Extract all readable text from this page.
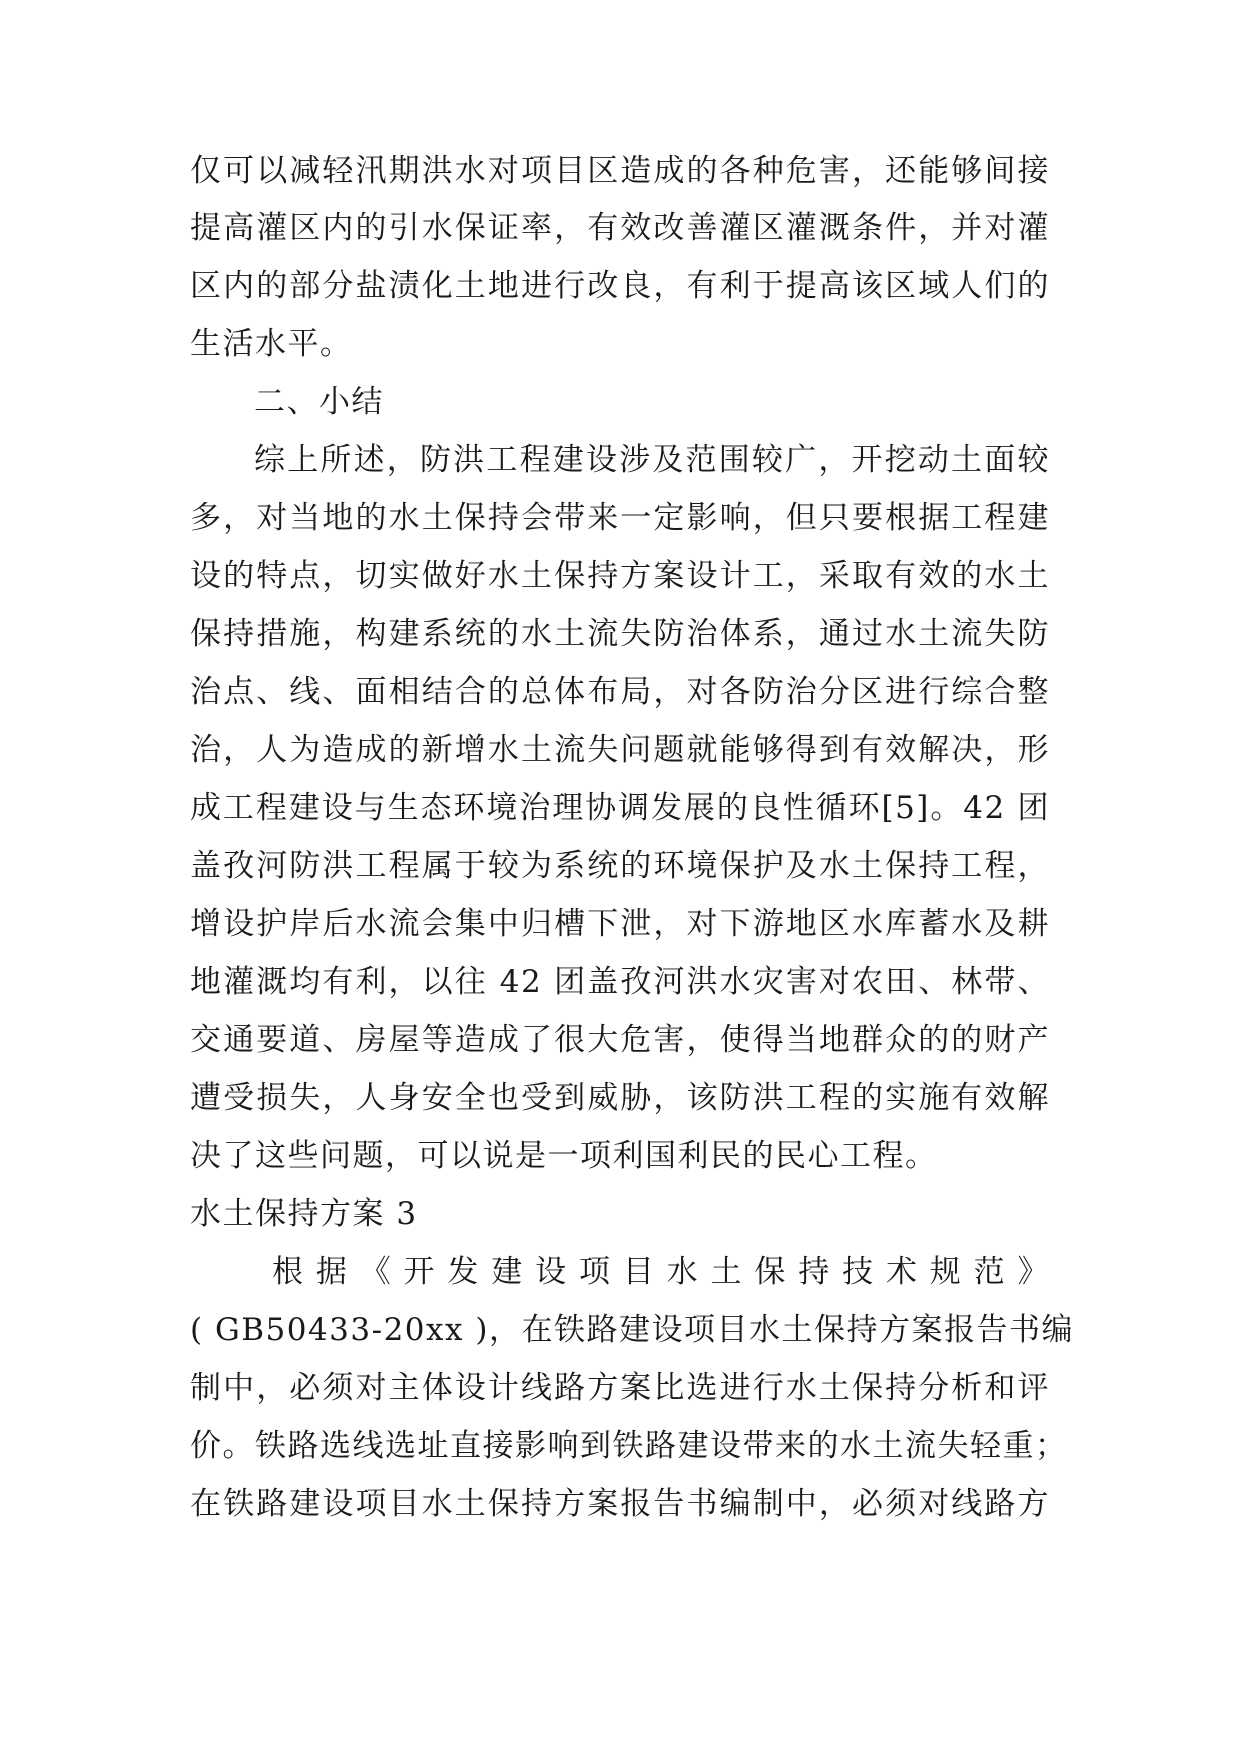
仅可以减轻汛期洪水对项目区造成的各种危害，还能够间接
提高灌区内的引水保证率，有效改善灌区灌溉条件，并对灌
区内的部分盐渍化土地进行改良，有利于提高该区域人们的
生活水平。
二、小结
综上所述，防洪工程建设涉及范围较广，开挖动土面较
多，对当地的水土保持会带来一定影响，但只要根据工程建
设的特点，切实做好水土保持方案设计工，采取有效的水土
保持措施，构建系统的水土流失防治体系，通过水土流失防
治点、线、面相结合的总体布局，对各防治分区进行综合整
治，人为造成的新增水土流失问题就能够得到有效解决，形
成工程建设与生态环境治理协调发展的良性循环[5]。42 团
盖孜河防洪工程属于较为系统的环境保护及水土保持工程，
增设护岸后水流会集中归槽下泄，对下游地区水库蓄水及耕
地灌溉均有利，以往 42 团盖孜河洪水灾害对农田、林带、
交通要道、房屋等造成了很大危害，使得当地群众的的财产
遭受损失，人身安全也受到威胁，该防洪工程的实施有效解
决了这些问题，可以说是一项利国利民的民心工程。
水土保持方案 3
根 据 《 开 发 建 设 项 目 水 土 保 持 技 术 规 范 》
( GB50433-20xx )，在铁路建设项目水土保持方案报告书编
制中，必须对主体设计线路方案比选进行水土保持分析和评
价。铁路选线选址直接影响到铁路建设带来的水土流失轻重；
在铁路建设项目水土保持方案报告书编制中，必须对线路方
